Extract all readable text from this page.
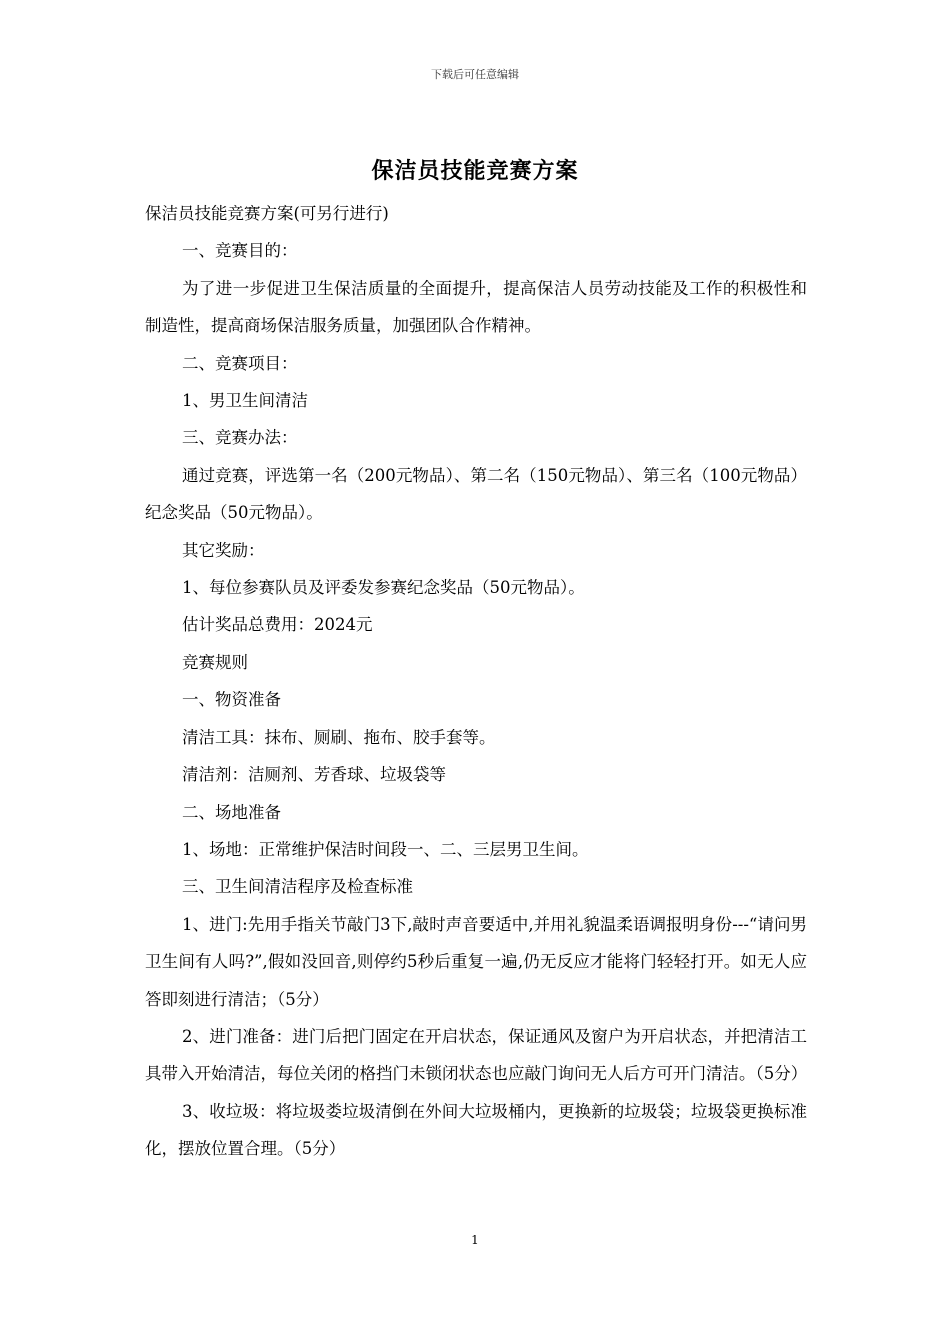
下载后可任意编辑
保洁员技能竞赛方案

保洁员技能竞赛方案(可另行进行)

一、竞赛目的：

为了进一步促进卫生保洁质量的全面提升，提高保洁人员劳动技能及工作的积极性和制造性，提高商场保洁服务质量，加强团队合作精神。

二、竞赛项目：

1、男卫生间清洁

三、竞赛办法：

通过竞赛，评选第一名（200元物品）、第二名（150元物品）、第三名（100元物品）纪念奖品（50元物品）。

其它奖励：

1、每位参赛队员及评委发参赛纪念奖品（50元物品）。

估计奖品总费用：2024元

竞赛规则

一、物资准备

清洁工具：抹布、厕刷、拖布、胶手套等。

清洁剂：洁厕剂、芳香球、垃圾袋等

二、场地准备

1、场地：正常维护保洁时间段一、二、三层男卫生间。

三、卫生间清洁程序及检查标准

1、进门:先用手指关节敲门3下,敲时声音要适中,并用礼貌温柔语调报明身份---“请问男卫生间有人吗?”,假如没回音,则停约5秒后重复一遍,仍无反应才能将门轻轻打开。如无人应答即刻进行清洁；（5分）

2、进门准备：进门后把门固定在开启状态，保证通风及窗户为开启状态，并把清洁工具带入开始清洁，每位关闭的格挡门未锁闭状态也应敲门询问无人后方可开门清洁。（5分）

3、收垃圾：将垃圾娄垃圾清倒在外间大垃圾桶内，更换新的垃圾袋；垃圾袋更换标准化，摆放位置合理。（5分）

1
